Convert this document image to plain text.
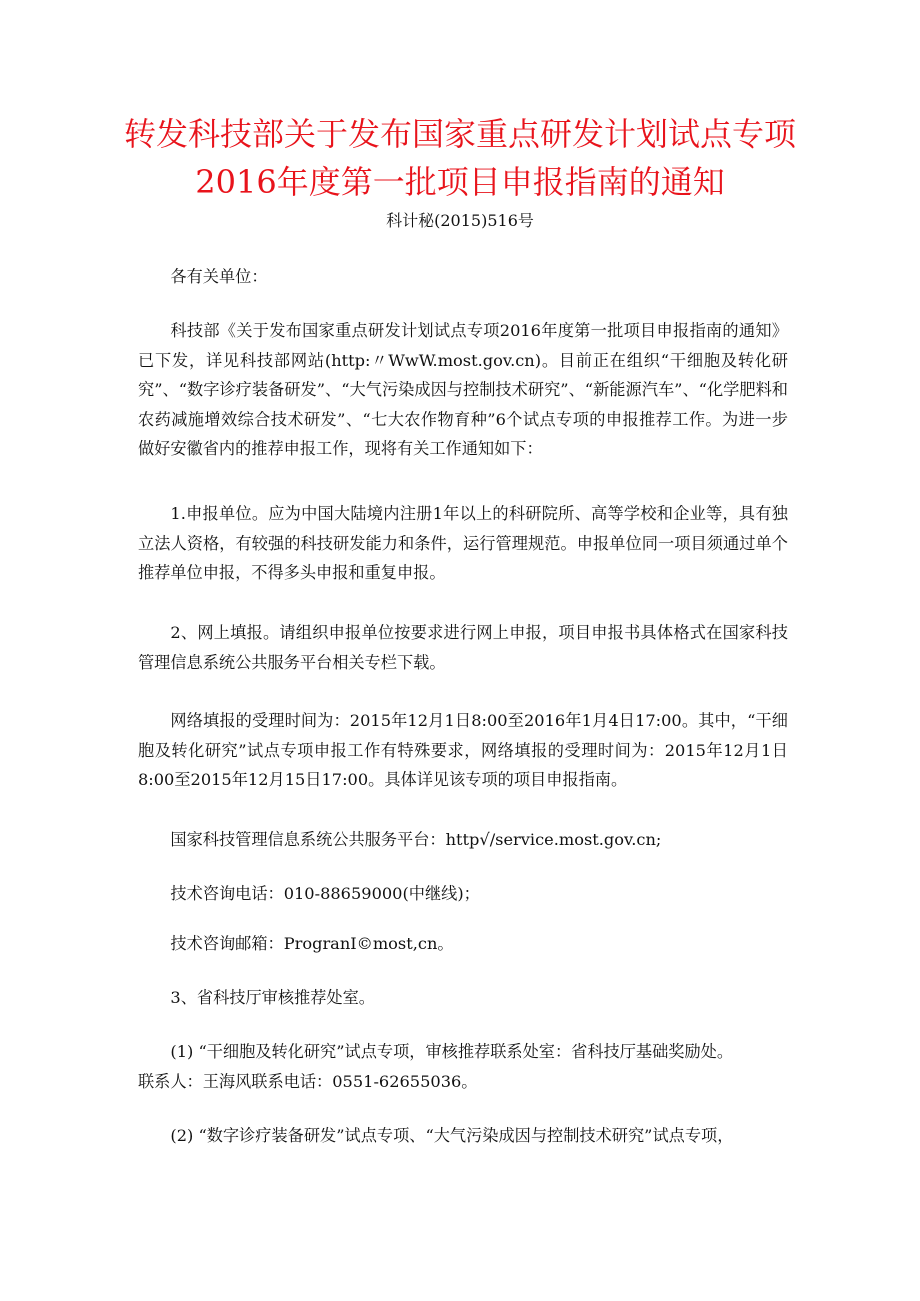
转发科技部关于发布国家重点研发计划试点专项
2016年度第一批项目申报指南的通知
科计秘(2015)516号
各有关单位：
科技部《关于发布国家重点研发计划试点专项2016年度第一批项目申报指南的通知》已下发，详见科技部网站(http:〃WwW.most.gov.cn)。目前正在组织“干细胞及转化研究”、“数字诊疗装备研发”、“大气污染成因与控制技术研究”、“新能源汽车”、“化学肥料和农药减施增效综合技术研发”、“七大农作物育种”6个试点专项的申报推荐工作。为进一步做好安徽省内的推荐申报工作，现将有关工作通知如下：
1.申报单位。应为中国大陆境内注册1年以上的科研院所、高等学校和企业等，具有独立法人资格，有较强的科技研发能力和条件，运行管理规范。申报单位同一项目须通过单个推荐单位申报，不得多头申报和重复申报。
2、网上填报。请组织申报单位按要求进行网上申报，项目申报书具体格式在国家科技管理信息系统公共服务平台相关专栏下载。
网络填报的受理时间为：2015年12月1日8:00至2016年1月4日17:00。其中，“干细胞及转化研究”试点专项申报工作有特殊要求，网络填报的受理时间为：2015年12月1日8:00至2015年12月15日17:00。具体详见该专项的项目申报指南。
国家科技管理信息系统公共服务平台：http√/service.most.gov.cn;
技术咨询电话：010-88659000(中继线)；
技术咨询邮箱：ProgranI©most,cn。
3、省科技厅审核推荐处室。
(1) “干细胞及转化研究”试点专项，审核推荐联系处室：省科技厅基础奖励处。
联系人：王海风联系电话：0551-62655036。
(2) “数字诊疗装备研发”试点专项、“大气污染成因与控制技术研究”试点专项，
